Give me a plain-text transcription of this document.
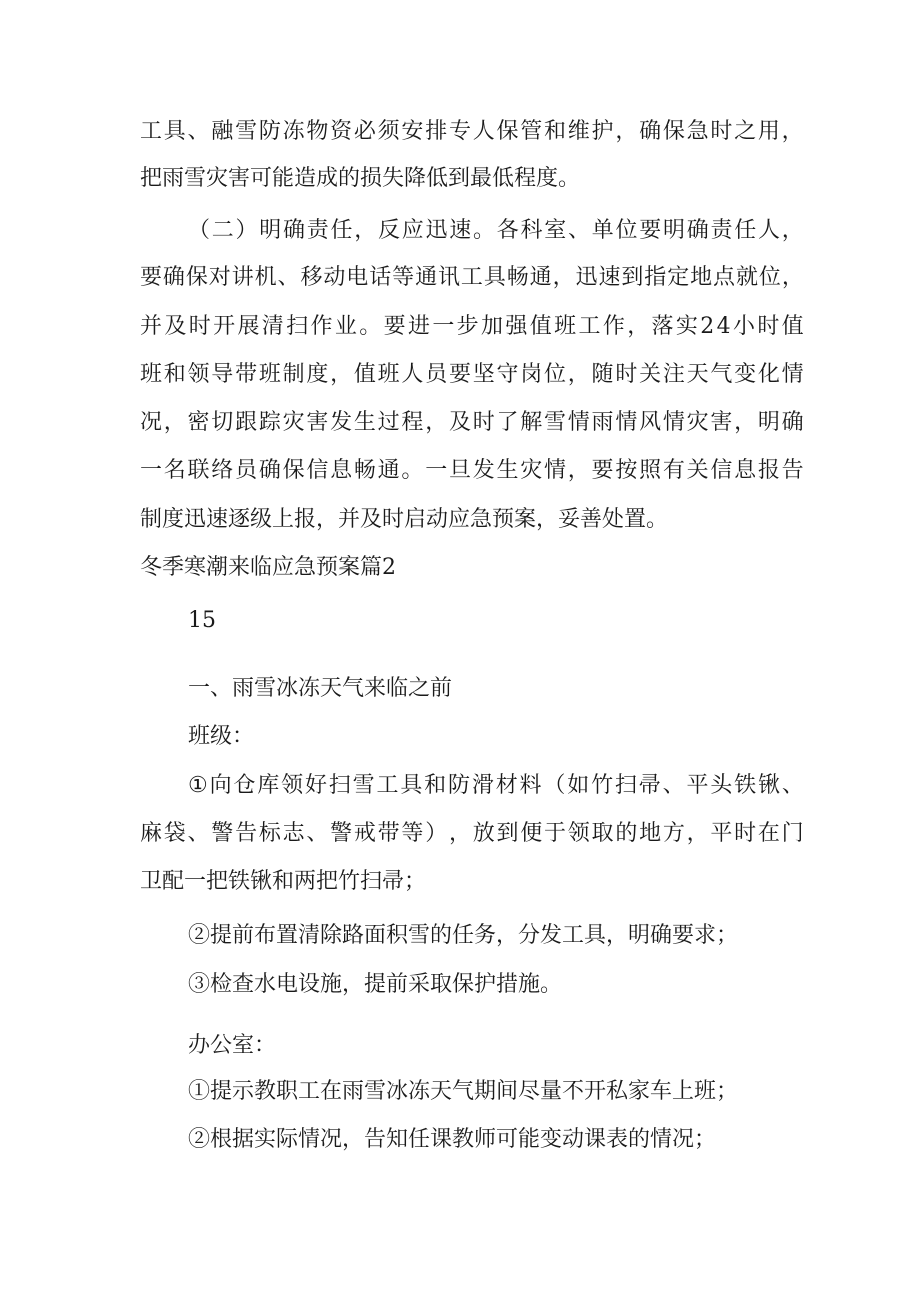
工 具 、 融 雪 防 冻 物 资 必 须 安 排 专 人 保 管 和 维 护 ， 确 保 急 时 之 用 ，

把雨雪灾害可能造成的损失降低到最低程度。

（ 二 ） 明 确 责 任 ， 反 应 迅 速 。 各 科 室 、 单 位 要 明 确 责 任 人 ，

要 确 保 对 讲 机 、 移 动 电 话 等 通 讯 工 具 畅 通 ， 迅 速 到 指 定 地 点 就 位 ，

并 及 时 开 展 清 扫 作 业 。 要 进 一 步 加 强 值 班 工 作 ， 落 实 2 4 小 时 值

班 和 领 导 带 班 制 度 ， 值 班 人 员 要 坚 守 岗 位 ， 随 时 关 注 天 气 变 化 情

况 ， 密 切 跟 踪 灾 害 发 生 过 程 ， 及 时 了 解 雪 情 雨 情 风 情 灾 害 ， 明 确

一 名 联 络 员 确 保 信 息 畅 通 。 一 旦 发 生 灾 情 ， 要 按 照 有 关 信 息 报 告

制度迅速逐级上报，并及时启动应急预案，妥善处置。

冬季寒潮来临应急预案篇2

15

一、雨雪冰冻天气来临之前

班级：

① 向 仓 库 领 好 扫 雪 工 具 和 防 滑 材 料 （ 如 竹 扫 帚 、 平 头 铁 锹 、

麻 袋 、 警 告 标 志 、 警 戒 带 等 ） ， 放 到 便 于 领 取 的 地 方 ， 平 时 在 门

卫配一把铁锹和两把竹扫帚；

②提前布置清除路面积雪的任务，分发工具，明确要求；

③检查水电设施，提前采取保护措施。

办公室：

①提示教职工在雨雪冰冻天气期间尽量不开私家车上班；

②根据实际情况，告知任课教师可能变动课表的情况；
